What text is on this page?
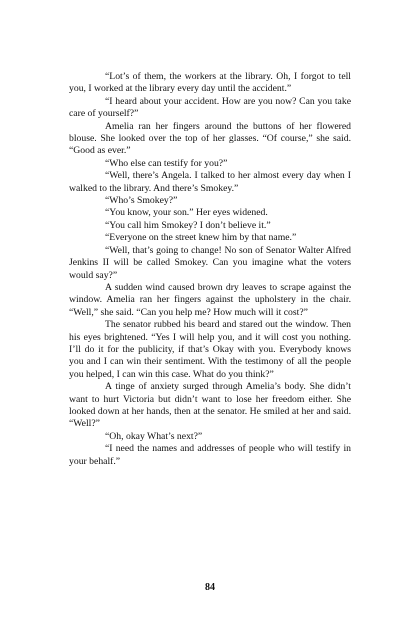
“Lot’s of them, the workers at the library. Oh, I forgot to tell you, I worked at the library every day until the accident.”

“I heard about your accident. How are you now? Can you take care of yourself?”

Amelia ran her fingers around the buttons of her flowered blouse. She looked over the top of her glasses. “Of course,” she said. “Good as ever.”

“Who else can testify for you?”

“Well, there’s Angela. I talked to her almost every day when I walked to the library. And there’s Smokey.”

“Who’s Smokey?”

“You know, your son.” Her eyes widened.

“You call him Smokey? I don’t believe it.”

“Everyone on the street knew him by that name.”

“Well, that’s going to change! No son of Senator Walter Alfred Jenkins II will be called Smokey. Can you imagine what the voters would say?”

A sudden wind caused brown dry leaves to scrape against the window. Amelia ran her fingers against the upholstery in the chair. “Well,” she said. “Can you help me? How much will it cost?”

The senator rubbed his beard and stared out the window. Then his eyes brightened. “Yes I will help you, and it will cost you nothing. I’ll do it for the publicity, if that’s Okay with you. Everybody knows you and I can win their sentiment. With the testimony of all the people you helped, I can win this case. What do you think?”

A tinge of anxiety surged through Amelia’s body. She didn’t want to hurt Victoria but didn’t want to lose her freedom either. She looked down at her hands, then at the senator. He smiled at her and said. “Well?”

“Oh, okay What’s next?”

“I need the names and addresses of people who will testify in your behalf.”

84
